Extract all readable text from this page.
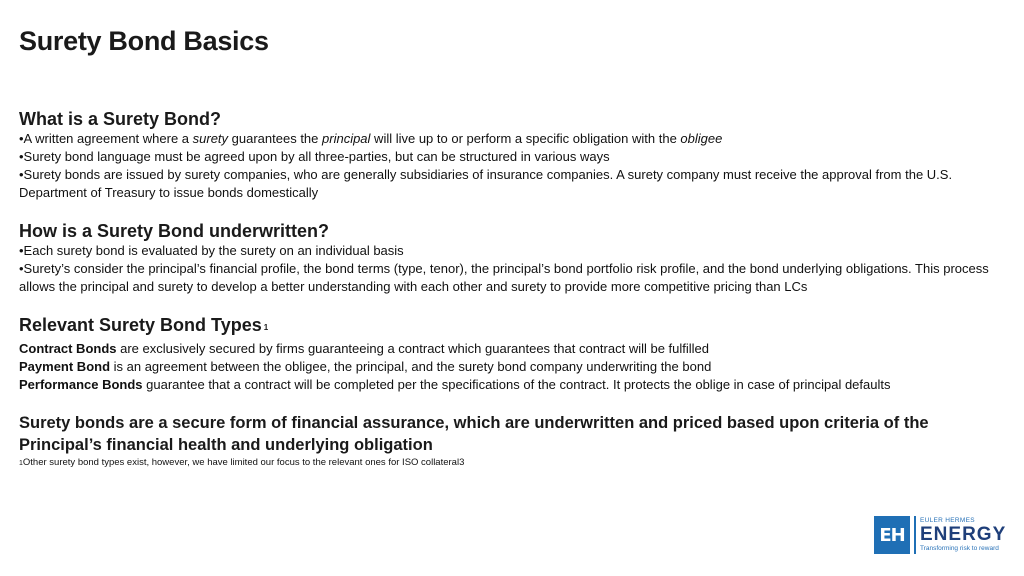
Surety Bond Basics

What is a Surety Bond?

•A written agreement where a surety guarantees the principal will live up to or perform a specific obligation with the obligee

•Surety bond language must be agreed upon by all three-parties, but can be structured in various ways

•Surety bonds are issued by surety companies, who are generally subsidiaries of insurance companies. A surety company must receive the approval from the U.S. Department of Treasury to issue bonds domestically

How is a Surety Bond underwritten?

•Each surety bond is evaluated by the surety on an individual basis

•Surety’s consider the principal’s financial profile, the bond terms (type, tenor), the principal’s bond portfolio risk profile, and the bond underlying obligations. This process allows the principal and surety to develop a better understanding with each other and surety to provide more competitive pricing than LCs

Relevant Surety Bond Types 1

Contract Bonds are exclusively secured by firms guaranteeing a contract which guarantees that contract will be fulfilled

Payment Bond is an agreement between the obligee, the principal, and the surety bond company underwriting the bond

Performance Bonds guarantee that a contract will be completed per the specifications of the contract. It protects the oblige in case of principal defaults

Surety bonds are a secure form of financial assurance, which are underwritten and priced based upon criteria of the Principal’s financial health and underlying obligation

1Other surety bond types exist, however, we have limited our focus to the relevant ones for ISO collateral3

EH
EULER HERMES
ENERGY
Transforming risk to reward
